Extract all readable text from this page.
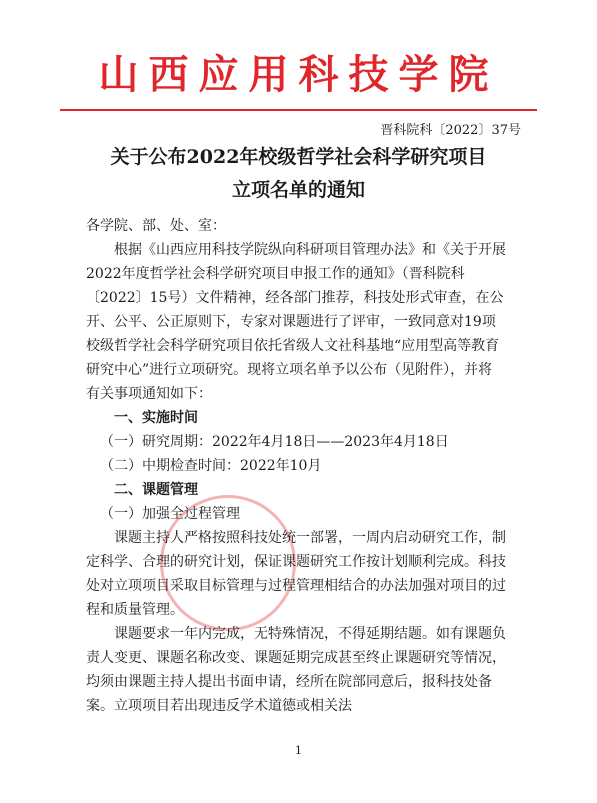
山西应用科技学院
晋科院科〔2022〕37号
关于公布2022年校级哲学社会科学研究项目
立项名单的通知

各学院、部、处、室：

根据《山西应用科技学院纵向科研项目管理办法》和《关于开展2022年度哲学社会科学研究项目申报工作的通知》（晋科院科〔2022〕15号）文件精神，经各部门推荐，科技处形式审查，在公开、公平、公正原则下，专家对课题进行了评审，一致同意对19项校级哲学社会科学研究项目依托省级人文社科基地“应用型高等教育研究中心”进行立项研究。现将立项名单予以公布（见附件），并将有关事项通知如下：

一、实施时间

（一）研究周期：2022年4月18日——2023年4月18日

（二）中期检查时间：2022年10月

二、课题管理

（一）加强全过程管理

课题主持人严格按照科技处统一部署，一周内启动研究工作，制定科学、合理的研究计划，保证课题研究工作按计划顺利完成。科技处对立项项目采取目标管理与过程管理相结合的办法加强对项目的过程和质量管理。

课题要求一年内完成，无特殊情况，不得延期结题。如有课题负责人变更、课题名称改变、课题延期完成甚至终止课题研究等情况，均须由课题主持人提出书面申请，经所在院部同意后，报科技处备案。立项项目若出现违反学术道德或相关法

1
